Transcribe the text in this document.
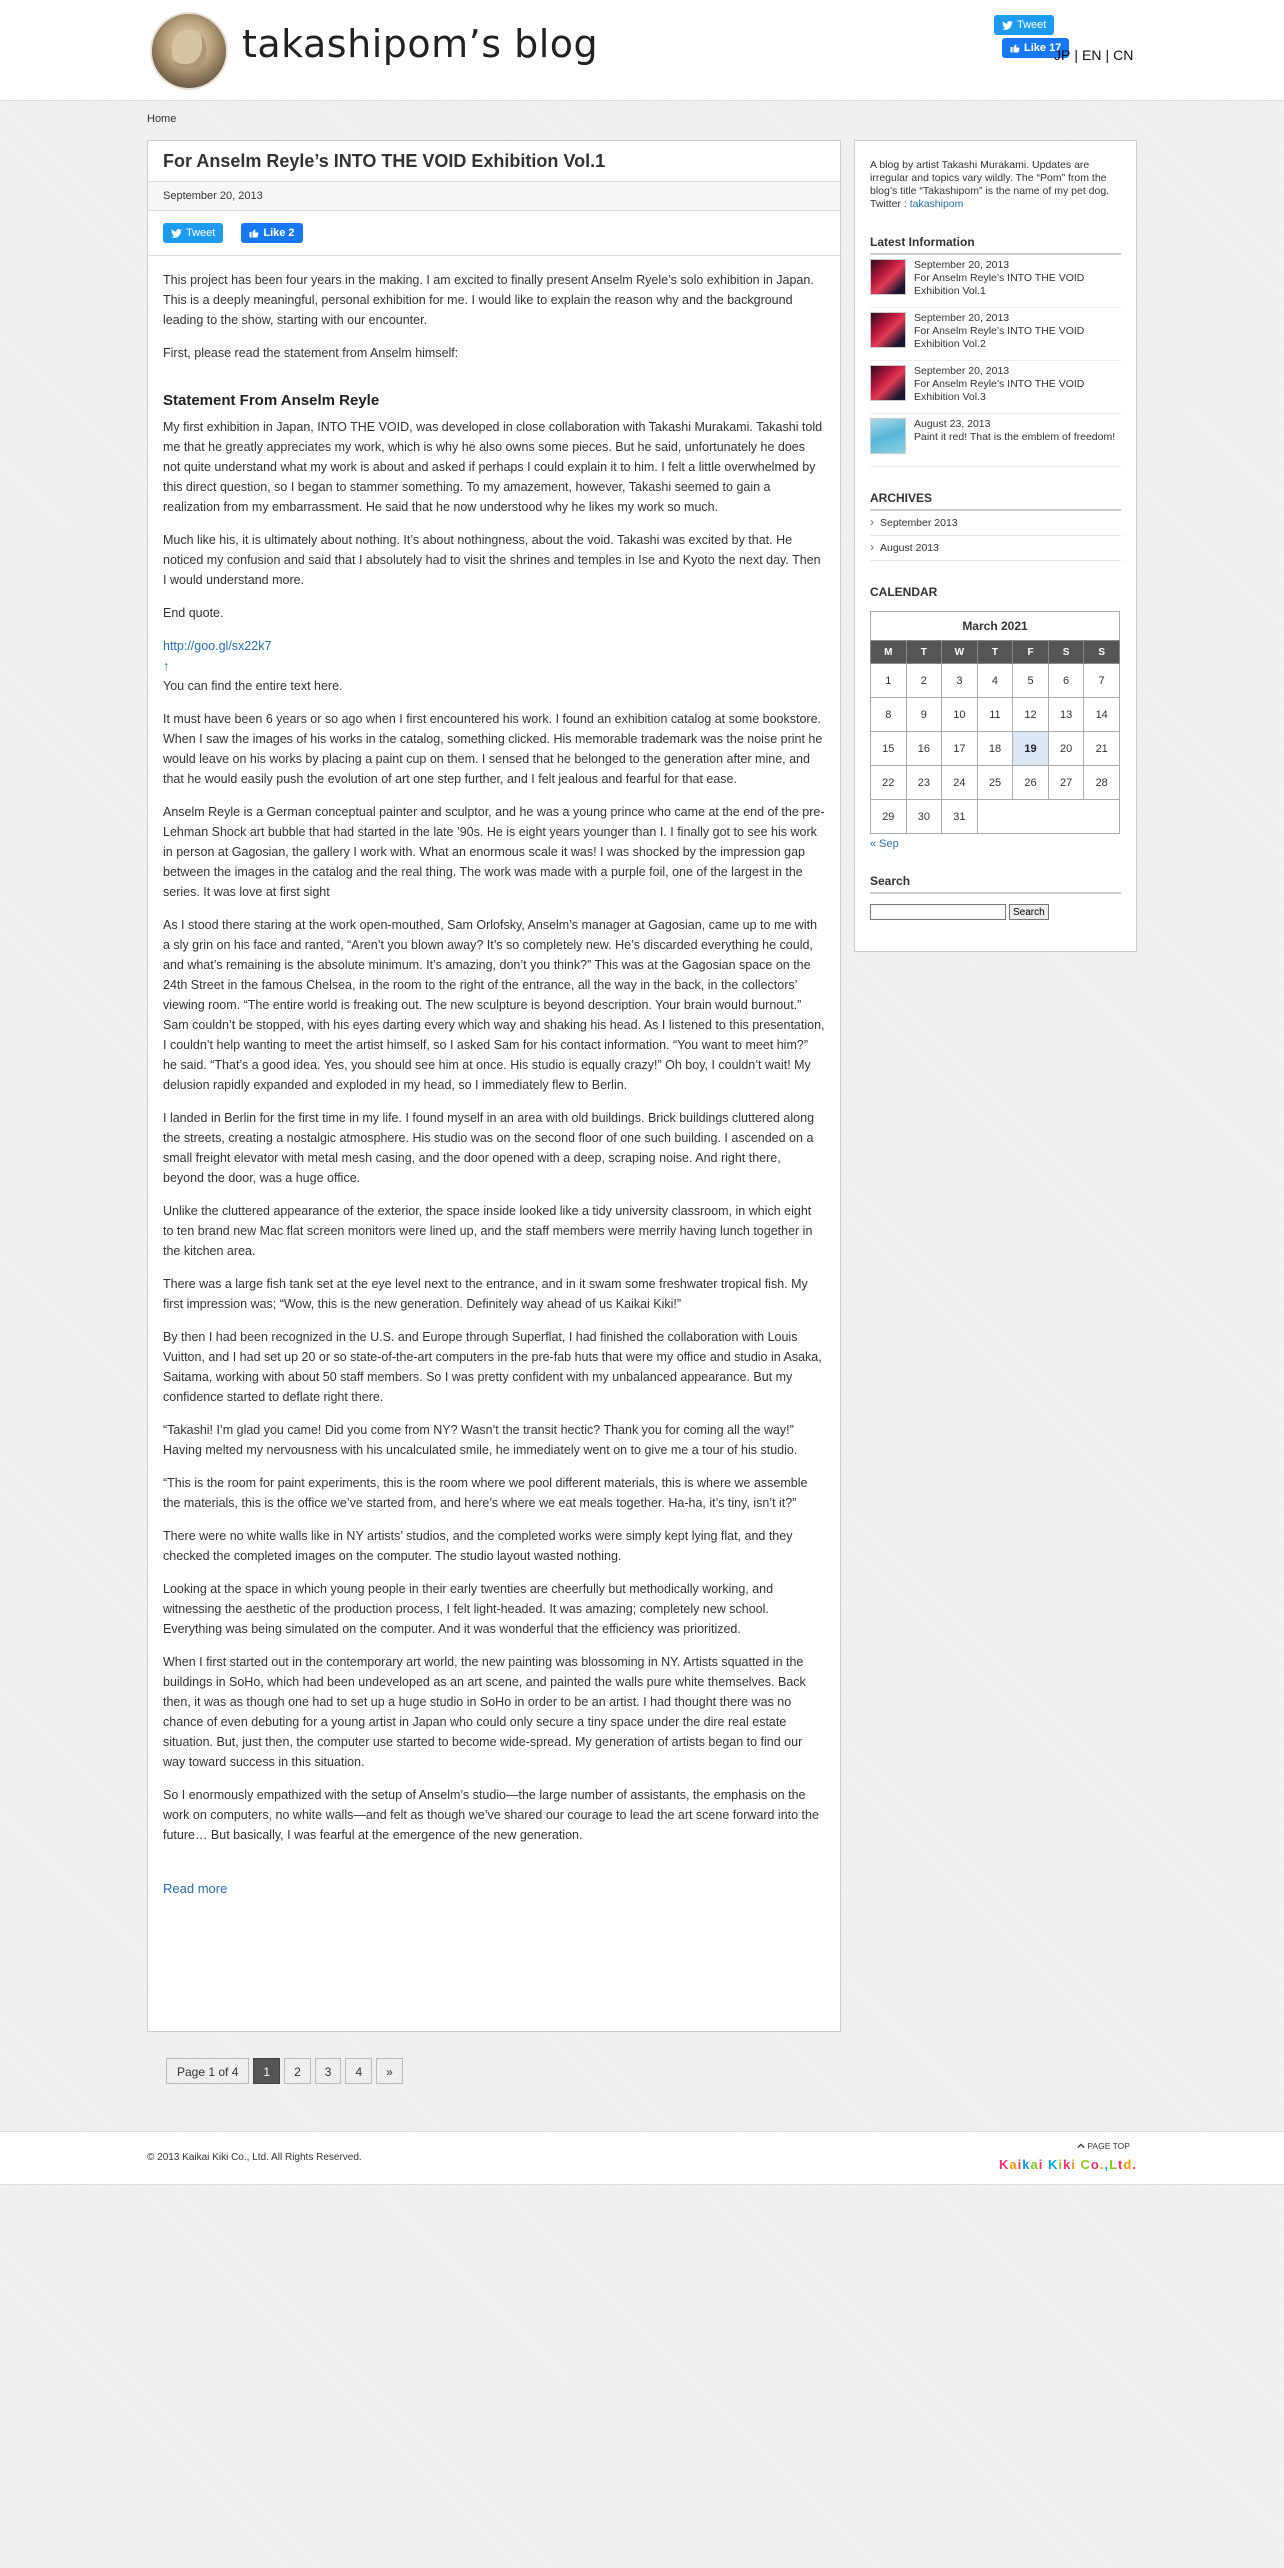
takashipom’s blog	Tweet
Like 17
JP | EN | CN
Home
For Anselm Reyle’s INTO THE VOID Exhibition Vol.1
September 20, 2013
Tweet	Like 2

This project has been four years in the making. I am excited to finally present Anselm Ryele’s solo exhibition in Japan. This is a deeply meaningful, personal exhibition for me. I would like to explain the reason why and the background leading to the show, starting with our encounter.

First, please read the statement from Anselm himself:

Statement From Anselm Reyle

My first exhibition in Japan, INTO THE VOID, was developed in close collaboration with Takashi Murakami. Takashi told me that he greatly appreciates my work, which is why he also owns some pieces. But he said, unfortunately he does not quite understand what my work is about and asked if perhaps I could explain it to him. I felt a little overwhelmed by this direct question, so I began to stammer something. To my amazement, however, Takashi seemed to gain a realization from my embarrassment. He said that he now understood why he likes my work so much.

Much like his, it is ultimately about nothing. It’s about nothingness, about the void. Takashi was excited by that. He noticed my confusion and said that I absolutely had to visit the shrines and temples in Ise and Kyoto the next day. Then I would understand more.

End quote.

http://goo.gl/sx22k7

↑

You can find the entire text here.

It must have been 6 years or so ago when I first encountered his work. I found an exhibition catalog at some bookstore. When I saw the images of his works in the catalog, something clicked. His memorable trademark was the noise print he would leave on his works by placing a paint cup on them. I sensed that he belonged to the generation after mine, and that he would easily push the evolution of art one step further, and I felt jealous and fearful for that ease.

Anselm Reyle is a German conceptual painter and sculptor, and he was a young prince who came at the end of the pre-Lehman Shock art bubble that had started in the late ’90s. He is eight years younger than I. I finally got to see his work in person at Gagosian, the gallery I work with. What an enormous scale it was! I was shocked by the impression gap between the images in the catalog and the real thing. The work was made with a purple foil, one of the largest in the series. It was love at first sight

As I stood there staring at the work open-mouthed, Sam Orlofsky, Anselm’s manager at Gagosian, came up to me with a sly grin on his face and ranted, “Aren’t you blown away? It’s so completely new. He’s discarded everything he could, and what’s remaining is the absolute minimum. It’s amazing, don’t you think?” This was at the Gagosian space on the 24th Street in the famous Chelsea, in the room to the right of the entrance, all the way in the back, in the collectors’ viewing room. “The entire world is freaking out. The new sculpture is beyond description. Your brain would burnout.” Sam couldn’t be stopped, with his eyes darting every which way and shaking his head. As I listened to this presentation, I couldn’t help wanting to meet the artist himself, so I asked Sam for his contact information. “You want to meet him?” he said. “That’s a good idea. Yes, you should see him at once. His studio is equally crazy!” Oh boy, I couldn’t wait! My delusion rapidly expanded and exploded in my head, so I immediately flew to Berlin.

I landed in Berlin for the first time in my life. I found myself in an area with old buildings. Brick buildings cluttered along the streets, creating a nostalgic atmosphere. His studio was on the second floor of one such building. I ascended on a small freight elevator with metal mesh casing, and the door opened with a deep, scraping noise. And right there, beyond the door, was a huge office.

Unlike the cluttered appearance of the exterior, the space inside looked like a tidy university classroom, in which eight to ten brand new Mac flat screen monitors were lined up, and the staff members were merrily having lunch together in the kitchen area.

There was a large fish tank set at the eye level next to the entrance, and in it swam some freshwater tropical fish. My first impression was; “Wow, this is the new generation. Definitely way ahead of us Kaikai Kiki!”

By then I had been recognized in the U.S. and Europe through Superflat, I had finished the collaboration with Louis Vuitton, and I had set up 20 or so state-of-the-art computers in the pre-fab huts that were my office and studio in Asaka, Saitama, working with about 50 staff members. So I was pretty confident with my unbalanced appearance. But my confidence started to deflate right there.

“Takashi! I’m glad you came! Did you come from NY? Wasn’t the transit hectic? Thank you for coming all the way!” Having melted my nervousness with his uncalculated smile, he immediately went on to give me a tour of his studio.

“This is the room for paint experiments, this is the room where we pool different materials, this is where we assemble the materials, this is the office we’ve started from, and here’s where we eat meals together. Ha-ha, it’s tiny, isn’t it?”

There were no white walls like in NY artists’ studios, and the completed works were simply kept lying flat, and they checked the completed images on the computer. The studio layout wasted nothing.

Looking at the space in which young people in their early twenties are cheerfully but methodically working, and witnessing the aesthetic of the production process, I felt light-headed. It was amazing; completely new school. Everything was being simulated on the computer. And it was wonderful that the efficiency was prioritized.

When I first started out in the contemporary art world, the new painting was blossoming in NY. Artists squatted in the buildings in SoHo, which had been undeveloped as an art scene, and painted the walls pure white themselves. Back then, it was as though one had to set up a huge studio in SoHo in order to be an artist. I had thought there was no chance of even debuting for a young artist in Japan who could only secure a tiny space under the dire real estate situation. But, just then, the computer use started to become wide-spread. My generation of artists began to find our way toward success in this situation.

So I enormously empathized with the setup of Anselm’s studio—the large number of assistants, the emphasis on the work on computers, no white walls—and felt as though we’ve shared our courage to lead the art scene forward into the future… But basically, I was fearful at the emergence of the new generation.

Read more
Page 1 of 4	1	2	3	4	»
A blog by artist Takashi Murakami. Updates are irregular and topics vary wildly. The “Pom” from the blog’s title “Takashipom” is the name of my pet dog.
Twitter : takashipom
Latest Information
September 20, 2013
For Anselm Reyle’s INTO THE VOID Exhibition Vol.1
September 20, 2013
For Anselm Reyle’s INTO THE VOID Exhibition Vol.2
September 20, 2013
For Anselm Reyle’s INTO THE VOID Exhibition Vol.3
August 23, 2013
Paint it red! That is the emblem of freedom!
ARCHIVES
› September 2013
› August 2013
CALENDAR
March 2021
M	T	W	T	F	S	S
1	2	3	4	5	6	7
8	9	10	11	12	13	14
15	16	17	18	19	20	21
22	23	24	25	26	27	28
29	30	31				
« Sep
Search
Search
© 2013 Kaikai Kiki Co., Ltd. All Rights Reserved.
PAGE TOP
Kaikai Kiki Co.,Ltd.
